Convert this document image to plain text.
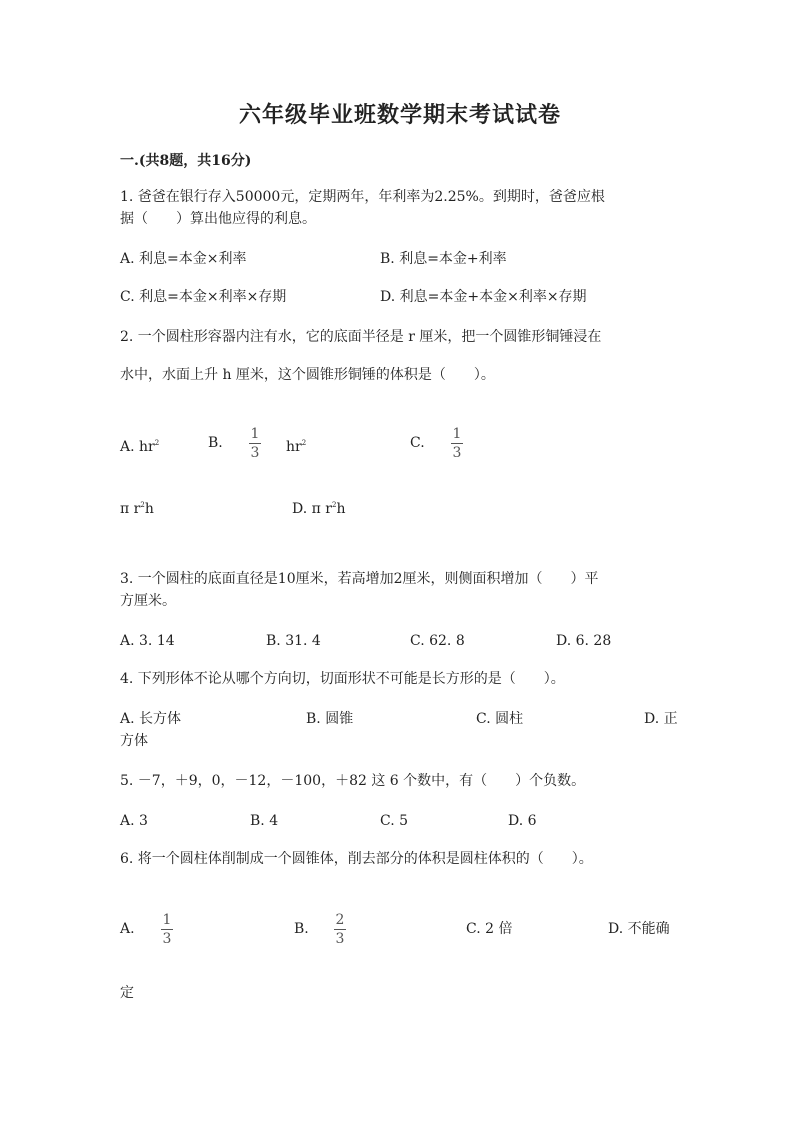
六年级毕业班数学期末考试试卷
一.(共8题，共16分)
1. 爸爸在银行存入50000元，定期两年，年利率为2.25%。到期时，爸爸应根
据（　　）算出他应得的利息。
A. 利息=本金×利率	B. 利息=本金+利率
C. 利息=本金×利率×存期	D. 利息=本金+本金×利率×存期
2. 一个圆柱形容器内注有水，它的底面半径是 r 厘米，把一个圆锥形铜锤浸在
水中，水面上升 h 厘米，这个圆锥形铜锤的体积是（　　）。
A. $hr^2$	B.
1
3 $hr^2$	C.
1
3
π $r^2h$	D. π $r^2h$
3. 一个圆柱的底面直径是10厘米，若高增加2厘米，则侧面积增加（　　）平
方厘米。
A. 3. 14	B. 31. 4	C. 62. 8	D. 6. 28
4. 下列形体不论从哪个方向切，切面形状不可能是长方形的是（　　）。
A. 长方体	B. 圆锥	C. 圆柱	D. 正
方体
5. －7，＋9，0，－12，－100，＋82 这 6 个数中，有（　　）个负数。
A. 3	B. 4	C. 5	D. 6
6. 将一个圆柱体削制成一个圆锥体，削去部分的体积是圆柱体积的（　　）。
A.
1
3
B.
2
3
C. 2 倍	D. 不能确
定
